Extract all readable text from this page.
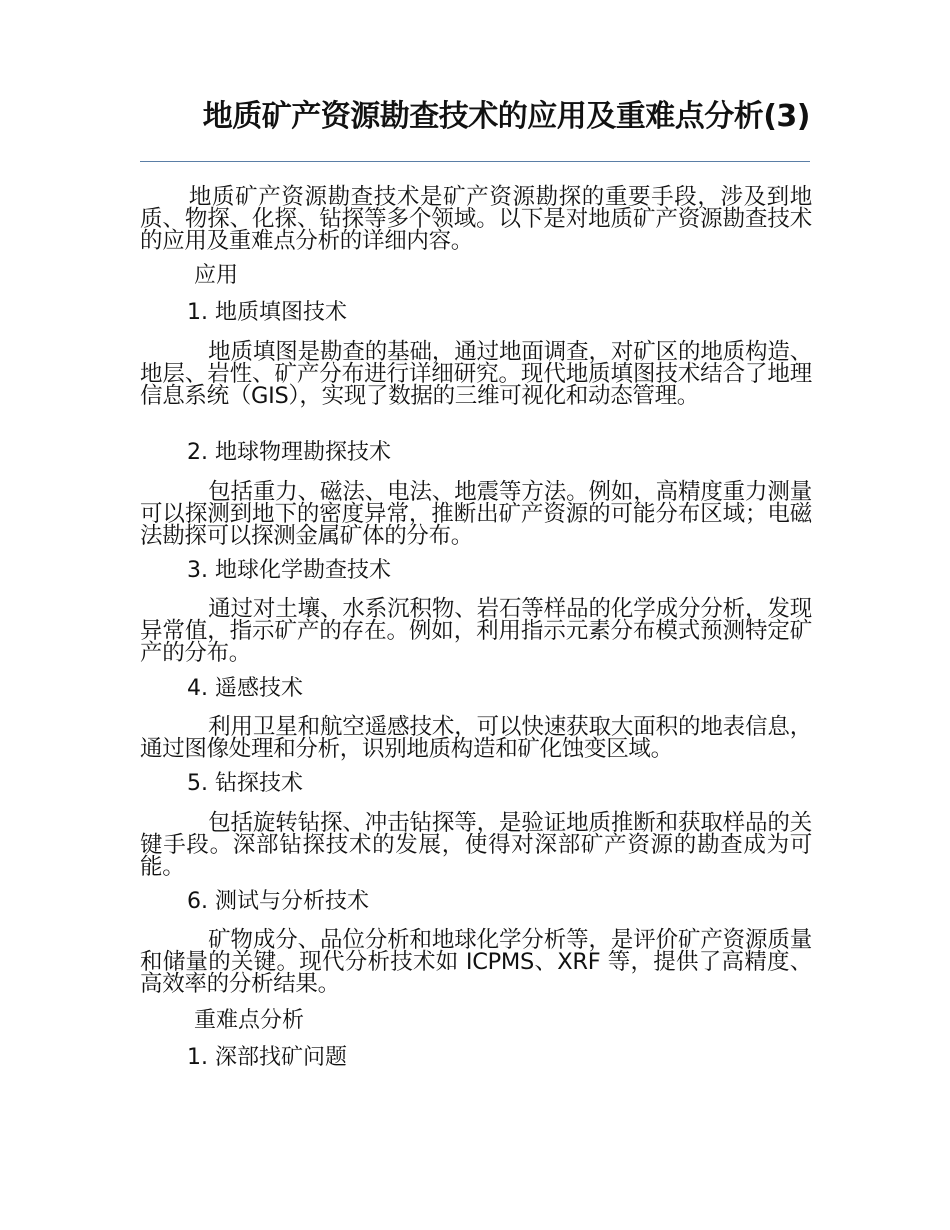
地质矿产资源勘查技术的应用及重难点分析(3)
地质矿产资源勘查技术是矿产资源勘探的重要手段，涉及到地质、物探、化探、钻探等多个领域。以下是对地质矿产资源勘查技术的应用及重难点分析的详细内容。
应用
1. 地质填图技术
地质填图是勘查的基础，通过地面调查，对矿区的地质构造、地层、岩性、矿产分布进行详细研究。现代地质填图技术结合了地理信息系统（GIS），实现了数据的三维可视化和动态管理。
2. 地球物理勘探技术
包括重力、磁法、电法、地震等方法。例如，高精度重力测量可以探测到地下的密度异常，推断出矿产资源的可能分布区域；电磁法勘探可以探测金属矿体的分布。
3. 地球化学勘查技术
通过对土壤、水系沉积物、岩石等样品的化学成分分析，发现异常值，指示矿产的存在。例如，利用指示元素分布模式预测特定矿产的分布。
4. 遥感技术
利用卫星和航空遥感技术，可以快速获取大面积的地表信息，通过图像处理和分析，识别地质构造和矿化蚀变区域。
5. 钻探技术
包括旋转钻探、冲击钻探等，是验证地质推断和获取样品的关键手段。深部钻探技术的发展，使得对深部矿产资源的勘查成为可能。
6. 测试与分析技术
矿物成分、品位分析和地球化学分析等，是评价矿产资源质量和储量的关键。现代分析技术如 ICPMS、XRF 等，提供了高精度、高效率的分析结果。
重难点分析
1. 深部找矿问题
